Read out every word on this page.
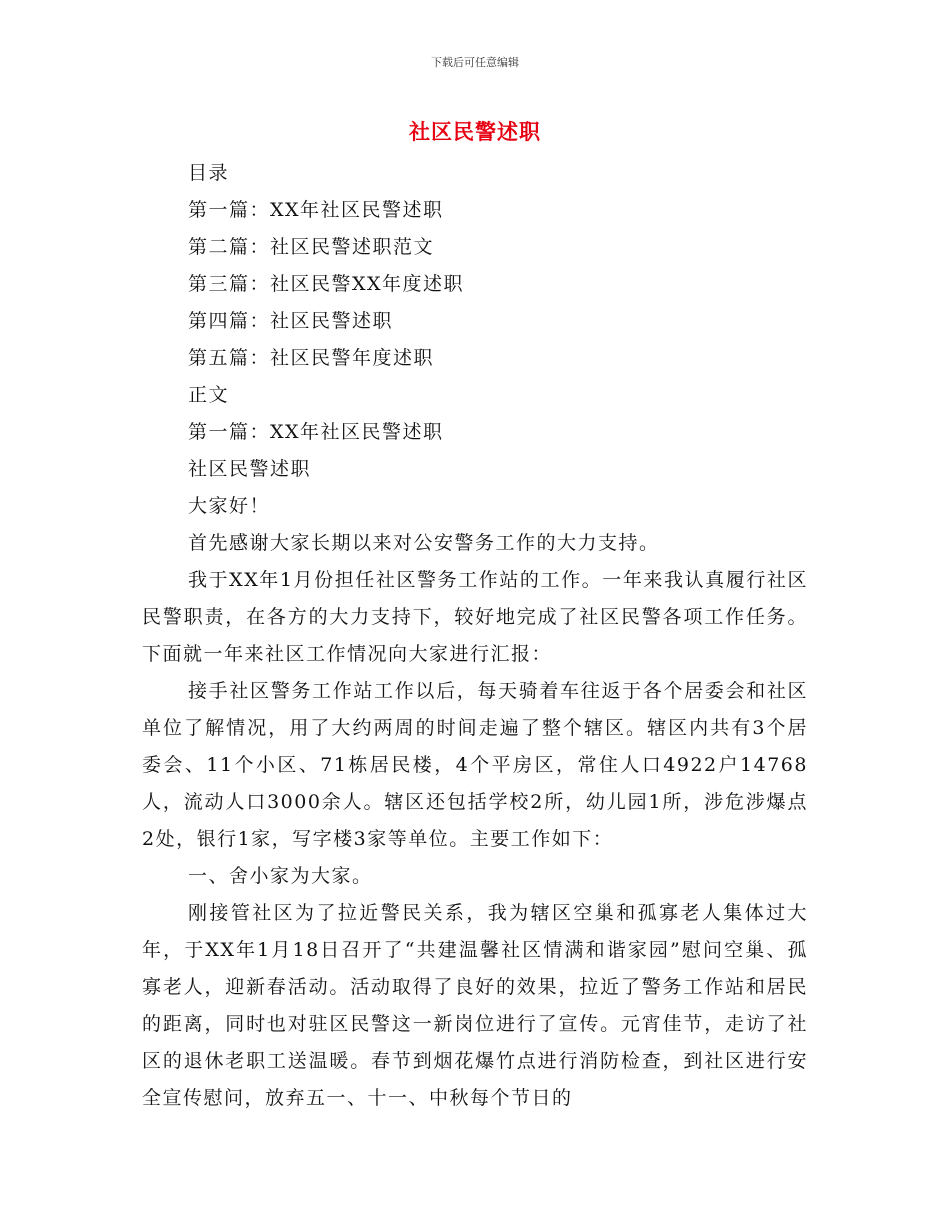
下载后可任意编辑
社区民警述职

目录

第一篇：XX年社区民警述职

第二篇：社区民警述职范文

第三篇：社区民警XX年度述职

第四篇：社区民警述职

第五篇：社区民警年度述职

正文

第一篇：XX年社区民警述职

社区民警述职

大家好！

首先感谢大家长期以来对公安警务工作的大力支持。

我于XX年1月份担任社区警务工作站的工作。一年来我认真履行社区民警职责，在各方的大力支持下，较好地完成了社区民警各项工作任务。下面就一年来社区工作情况向大家进行汇报：

接手社区警务工作站工作以后，每天骑着车往返于各个居委会和社区单位了解情况，用了大约两周的时间走遍了整个辖区。辖区内共有3个居委会、11个小区、71栋居民楼，4个平房区，常住人口4922户14768人，流动人口3000余人。辖区还包括学校2所，幼儿园1所，涉危涉爆点2处，银行1家，写字楼3家等单位。主要工作如下：

一、舍小家为大家。

刚接管社区为了拉近警民关系，我为辖区空巢和孤寡老人集体过大年，于XX年1月18日召开了“共建温馨社区情满和谐家园”慰问空巢、孤寡老人，迎新春活动。活动取得了良好的效果，拉近了警务工作站和居民的距离，同时也对驻区民警这一新岗位进行了宣传。元宵佳节，走访了社区的退休老职工送温暖。春节到烟花爆竹点进行消防检查，到社区进行安全宣传慰问，放弃五一、十一、中秋每个节日的
